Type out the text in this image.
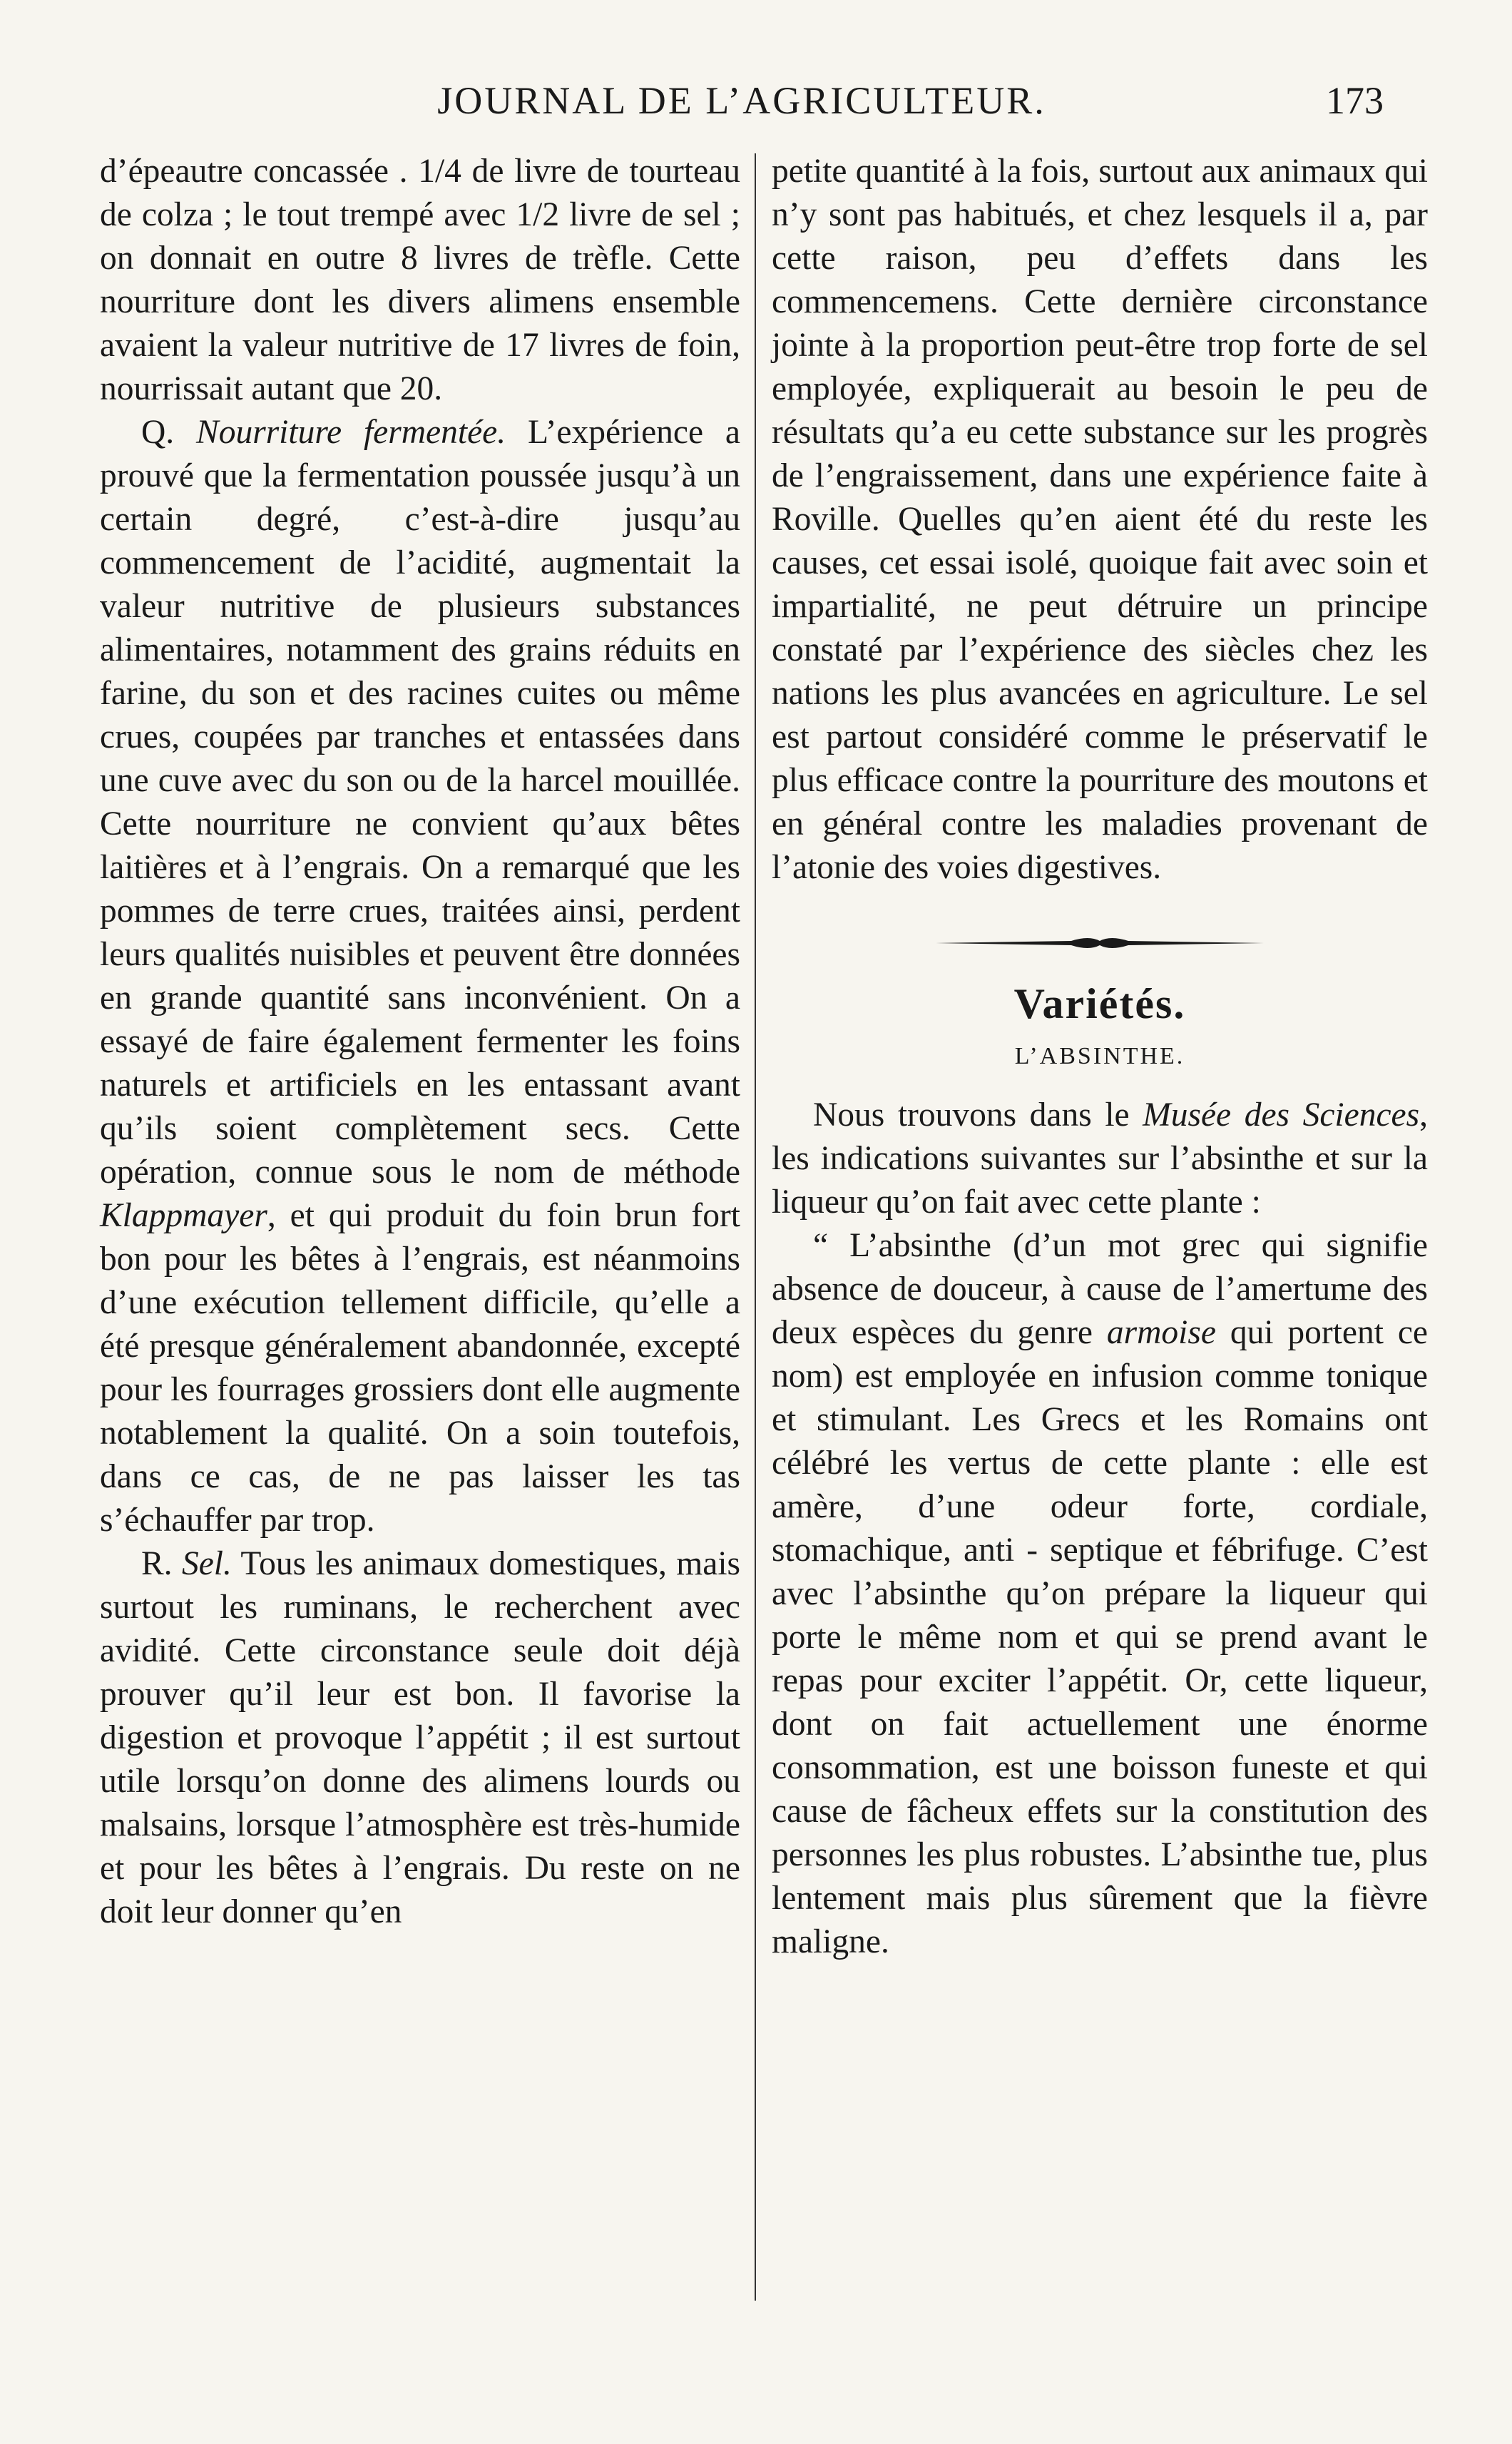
JOURNAL DE L’AGRICULTEUR.	173

d’épeautre concassée . 1/4 de livre de tourteau de colza ; le tout trempé avec 1/2 livre de sel ; on donnait en outre 8 livres de trèfle. Cette nourriture dont les divers alimens ensemble avaient la valeur nutritive de 17 livres de foin, nourrissait autant que 20.

Q. Nourriture fermentée. L’expérience a prouvé que la fermentation poussée jusqu’à un certain degré, c’est-à-dire jusqu’au commencement de l’acidité, augmentait la valeur nutritive de plusieurs substances alimentaires, notamment des grains réduits en farine, du son et des racines cuites ou même crues, coupées par tranches et entassées dans une cuve avec du son ou de la harcel mouillée. Cette nourriture ne convient qu’aux bêtes laitières et à l’engrais. On a remarqué que les pommes de terre crues, traitées ainsi, perdent leurs qualités nuisibles et peuvent être données en grande quantité sans inconvénient. On a essayé de faire également fermenter les foins naturels et artificiels en les entassant avant qu’ils soient complètement secs. Cette opération, connue sous le nom de méthode Klappmayer, et qui produit du foin brun fort bon pour les bêtes à l’engrais, est néanmoins d’une exécution tellement difficile, qu’elle a été presque généralement abandonnée, excepté pour les fourrages grossiers dont elle augmente notablement la qualité. On a soin toutefois, dans ce cas, de ne pas laisser les tas s’échauffer par trop.

R. Sel. Tous les animaux domestiques, mais surtout les ruminans, le recherchent avec avidité. Cette circonstance seule doit déjà prouver qu’il leur est bon. Il favorise la digestion et provoque l’appétit ; il est surtout utile lorsqu’on donne des alimens lourds ou malsains, lorsque l’atmosphère est très-humide et pour les bêtes à l’engrais. Du reste on ne doit leur donner qu’en

petite quantité à la fois, surtout aux animaux qui n’y sont pas habitués, et chez lesquels il a, par cette raison, peu d’effets dans les commencemens. Cette dernière circonstance jointe à la proportion peut-être trop forte de sel employée, expliquerait au besoin le peu de résultats qu’a eu cette substance sur les progrès de l’engraissement, dans une expérience faite à Roville. Quelles qu’en aient été du reste les causes, cet essai isolé, quoique fait avec soin et impartialité, ne peut détruire un principe constaté par l’expérience des siècles chez les nations les plus avancées en agriculture. Le sel est partout considéré comme le préservatif le plus efficace contre la pourriture des moutons et en général contre les maladies provenant de l’atonie des voies digestives.

Variétés.
L’ABSINTHE.

Nous trouvons dans le Musée des Sciences, les indications suivantes sur l’absinthe et sur la liqueur qu’on fait avec cette plante :

“ L’absinthe (d’un mot grec qui signifie absence de douceur, à cause de l’amertume des deux espèces du genre armoise qui portent ce nom) est employée en infusion comme tonique et stimulant. Les Grecs et les Romains ont célébré les vertus de cette plante : elle est amère, d’une odeur forte, cordiale, stomachique, anti - septique et fébrifuge. C’est avec l’absinthe qu’on prépare la liqueur qui porte le même nom et qui se prend avant le repas pour exciter l’appétit. Or, cette liqueur, dont on fait actuellement une énorme consommation, est une boisson funeste et qui cause de fâcheux effets sur la constitution des personnes les plus robustes. L’absinthe tue, plus lentement mais plus sûrement que la fièvre maligne.
